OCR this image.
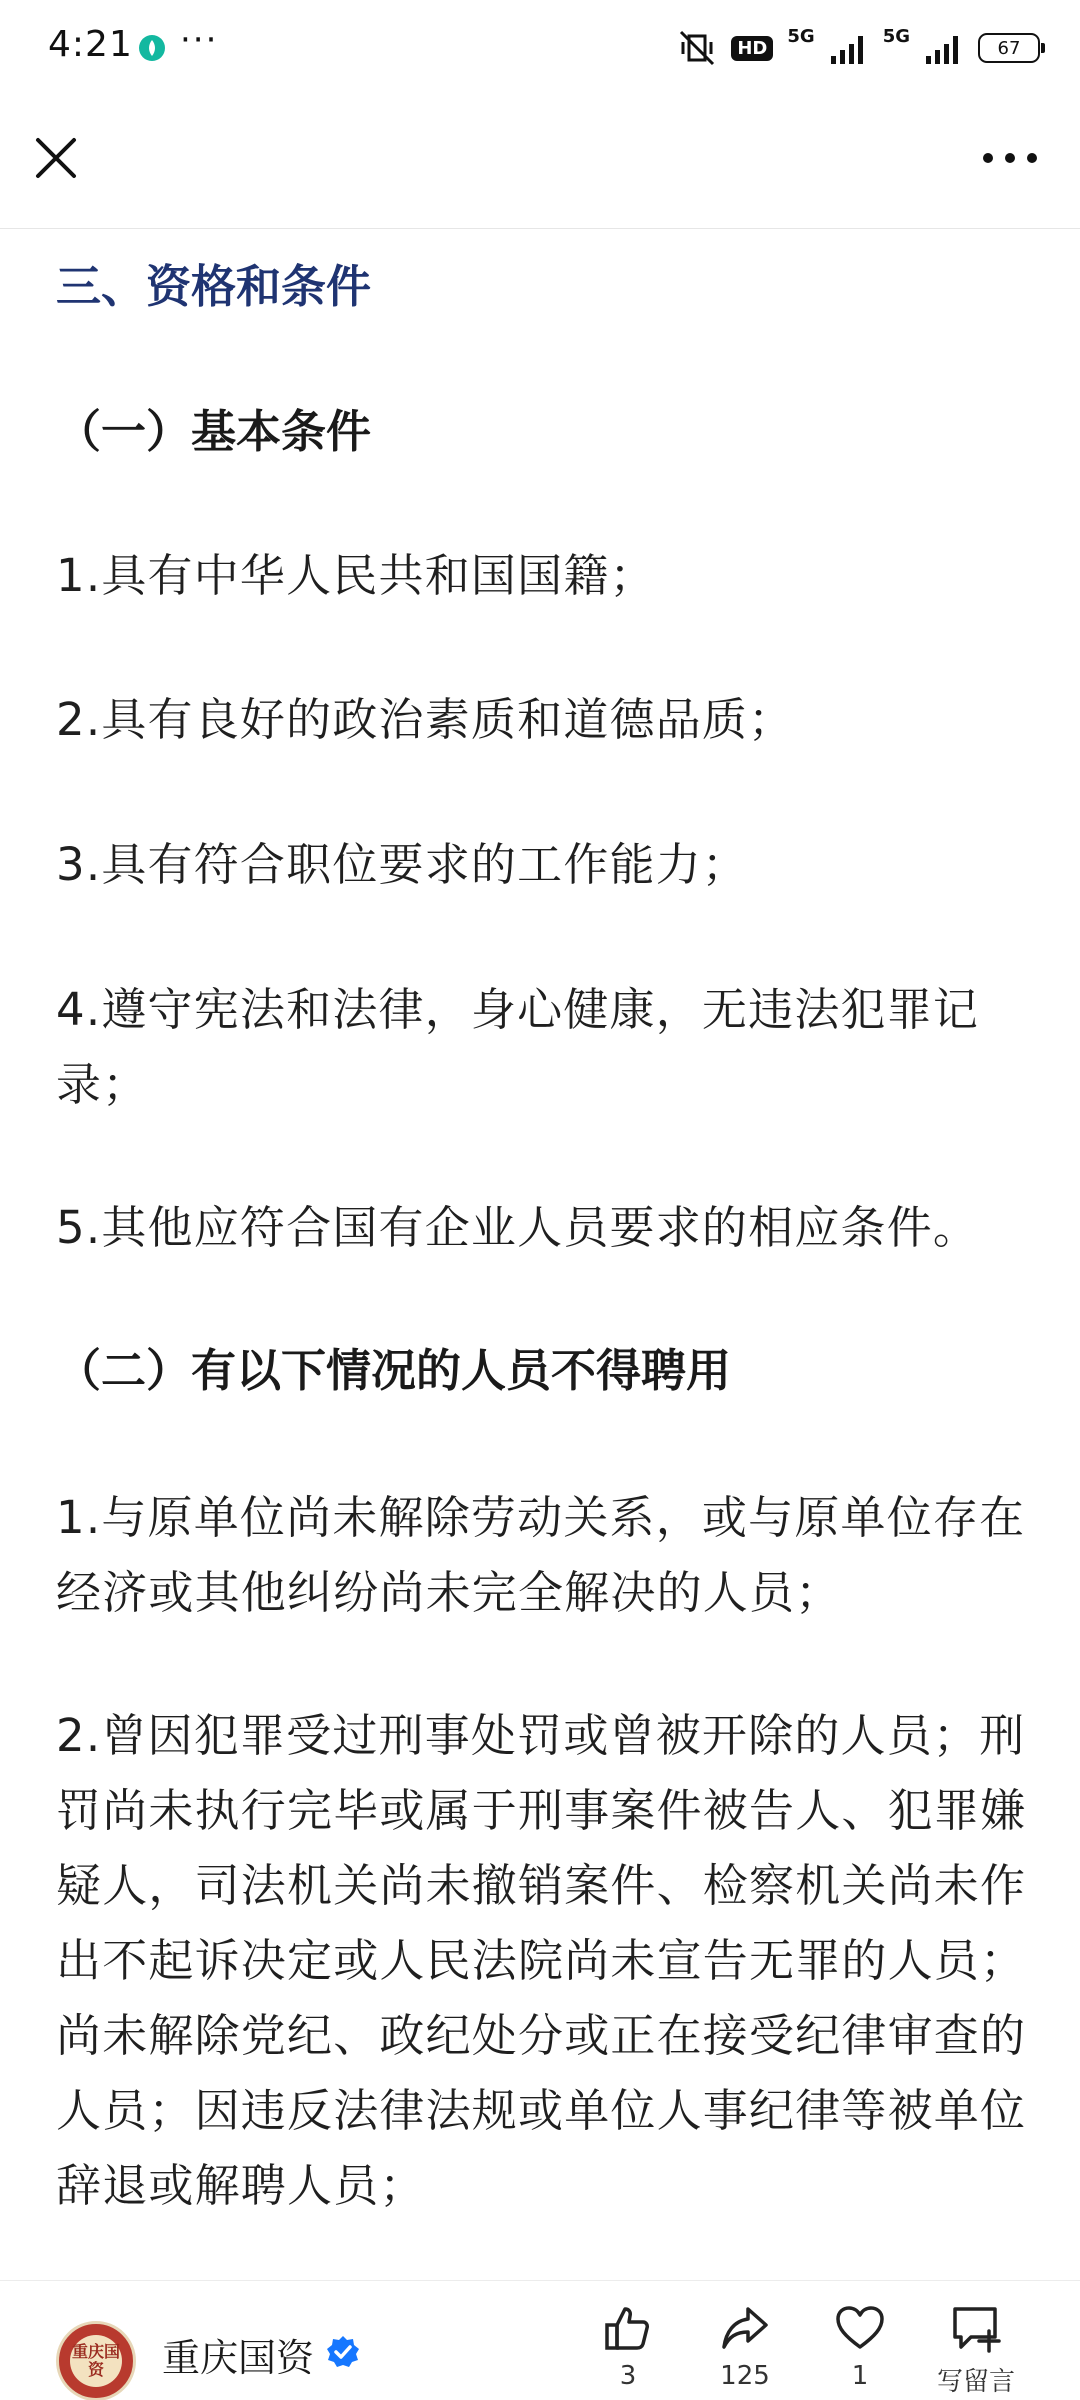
4:21 ···	HD
5G	5G
67
三、资格和条件
（一）基本条件
1.具有中华人民共和国国籍；
2.具有良好的政治素质和道德品质；
3.具有符合职位要求的工作能力；
4.遵守宪法和法律，身心健康，无违法犯罪记录；
5.其他应符合国有企业人员要求的相应条件。
（二）有以下情况的人员不得聘用
1.与原单位尚未解除劳动关系，或与原单位存在经济或其他纠纷尚未完全解决的人员；
2.曾因犯罪受过刑事处罚或曾被开除的人员；刑罚尚未执行完毕或属于刑事案件被告人、犯罪嫌疑人，司法机关尚未撤销案件、检察机关尚未作出不起诉决定或人民法院尚未宣告无罪的人员；尚未解除党纪、政纪处分或正在接受纪律审查的人员；因违反法律法规或单位人事纪律等被单位辞退或解聘人员；
重庆国资	重庆国资	3	125	1	写留言
